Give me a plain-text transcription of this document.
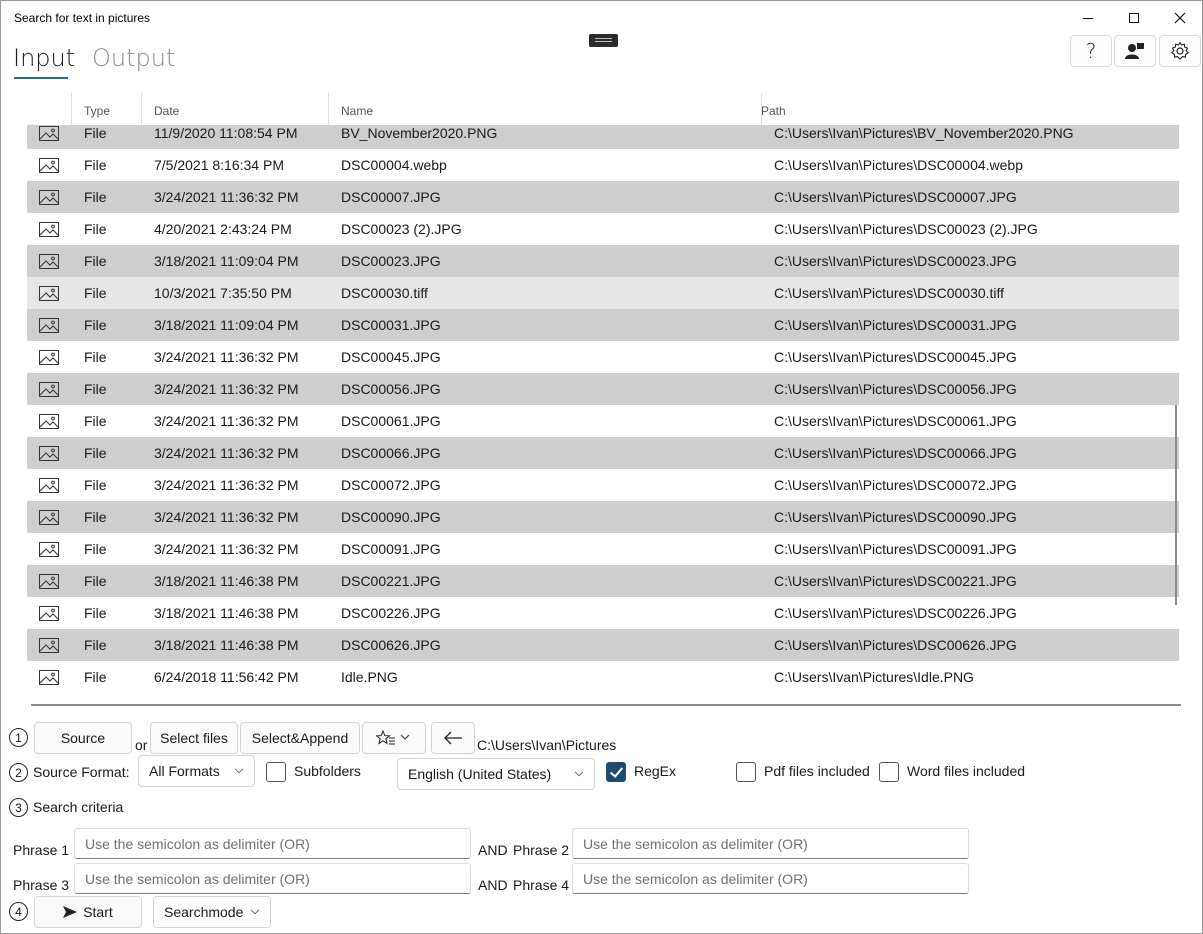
Search for text in pictures
Input Output	?
File	11/9/2020 11:08:54 PM	BV_November2020.PNG	C:\Users\Ivan\Pictures\BV_November2020.PNG
File	7/5/2021 8:16:34 PM	DSC00004.webp	C:\Users\Ivan\Pictures\DSC00004.webp
File	3/24/2021 11:36:32 PM	DSC00007.JPG	C:\Users\Ivan\Pictures\DSC00007.JPG
File	4/20/2021 2:43:24 PM	DSC00023 (2).JPG	C:\Users\Ivan\Pictures\DSC00023 (2).JPG
File	3/18/2021 11:09:04 PM	DSC00023.JPG	C:\Users\Ivan\Pictures\DSC00023.JPG
File	10/3/2021 7:35:50 PM	DSC00030.tiff	C:\Users\Ivan\Pictures\DSC00030.tiff
File	3/18/2021 11:09:04 PM	DSC00031.JPG	C:\Users\Ivan\Pictures\DSC00031.JPG
File	3/24/2021 11:36:32 PM	DSC00045.JPG	C:\Users\Ivan\Pictures\DSC00045.JPG
File	3/24/2021 11:36:32 PM	DSC00056.JPG	C:\Users\Ivan\Pictures\DSC00056.JPG
File	3/24/2021 11:36:32 PM	DSC00061.JPG	C:\Users\Ivan\Pictures\DSC00061.JPG
File	3/24/2021 11:36:32 PM	DSC00066.JPG	C:\Users\Ivan\Pictures\DSC00066.JPG
File	3/24/2021 11:36:32 PM	DSC00072.JPG	C:\Users\Ivan\Pictures\DSC00072.JPG
File	3/24/2021 11:36:32 PM	DSC00090.JPG	C:\Users\Ivan\Pictures\DSC00090.JPG
File	3/24/2021 11:36:32 PM	DSC00091.JPG	C:\Users\Ivan\Pictures\DSC00091.JPG
File	3/18/2021 11:46:38 PM	DSC00221.JPG	C:\Users\Ivan\Pictures\DSC00221.JPG
File	3/18/2021 11:46:38 PM	DSC00226.JPG	C:\Users\Ivan\Pictures\DSC00226.JPG
File	3/18/2021 11:46:38 PM	DSC00626.JPG	C:\Users\Ivan\Pictures\DSC00626.JPG
File	6/24/2018 11:56:42 PM	Idle.PNG	C:\Users\Ivan\Pictures\Idle.PNG
Type	Date	Name	Path
1	Source	or Select files	Select&Append	C:\Users\Ivan\Pictures
2 Source Format: All Formats	Subfolders	English (United States)	RegEx	Pdf files included	Word files included
3 Search criteria
Phrase 1
Use the semicolon as delimiter (OR)	AND Phrase 2
Use the semicolon as delimiter (OR)
Phrase 3
Use the semicolon as delimiter (OR)	AND Phrase 4
Use the semicolon as delimiter (OR)
4	Start	Searchmode
